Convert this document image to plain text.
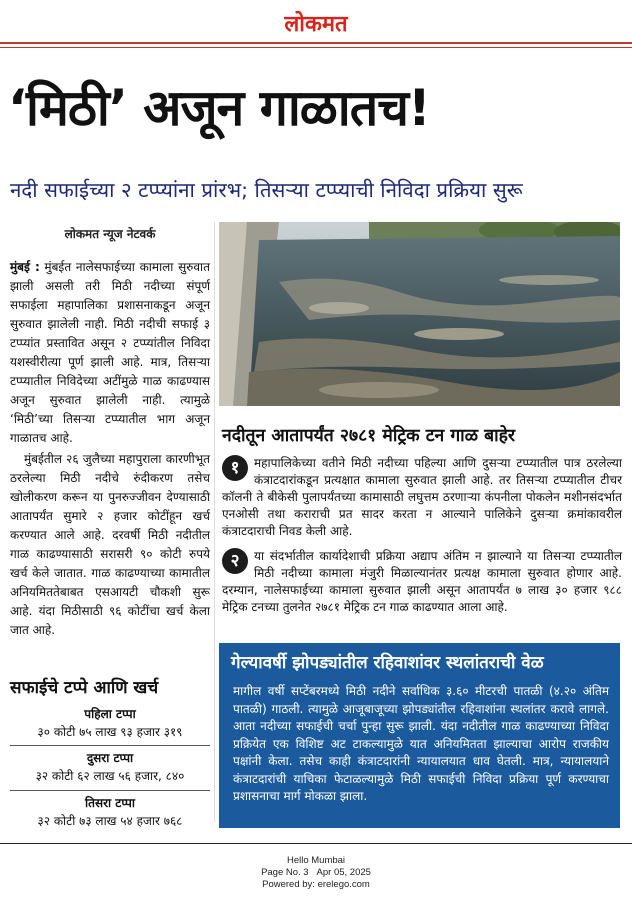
लोकमत
‘मिठी’ अजून गाळातच!
नदी सफाईच्या २ टप्प्यांना प्रांरभ; तिसऱ्या टप्प्याची निविदा प्रक्रिया सुरू
लोकमत न्यूज नेटवर्क

मुंबई : मुंबईत नालेसफाईच्या कामाला सुरुवात झाली असली तरी मिठी नदीच्या संपूर्ण सफाईला महापालिका प्रशासनाकडून अजून सुरुवात झालेली नाही. मिठी नदीची सफाई ३ टप्प्यांत प्रस्तावित असून २ टप्प्यांतील निविदा यशस्वीरीत्या पूर्ण झाली आहे. मात्र, तिसऱ्या टप्प्यातील निविदेच्या अटींमुळे गाळ काढण्यास अजून सुरुवात झालेली नाही. त्यामुळे ‘मिठी’च्या तिसऱ्या टप्प्यातील भाग अजून गाळातच आहे.

मुंबईतील २६ जुलैच्या महापुराला कारणीभूत ठरलेल्या मिठी नदीचे रुंदीकरण तसेच खोलीकरण करून या पुनरुज्जीवन देण्यासाठी आतापर्यंत सुमारे २ हजार कोटींहून खर्च करण्यात आले आहे. दरवर्षी मिठी नदीतील गाळ काढण्यासाठी सरासरी ९० कोटी रुपये खर्च केले जातात. गाळ काढण्याच्या कामातील अनियमिततेबाबत एसआयटी चौकशी सुरू आहे. यंदा मिठीसाठी ९६ कोटींचा खर्च केला जात आहे.

सफाईचे टप्पे आणि खर्च
पहिला टप्पा
३० कोटी ७५ लाख ९३ हजार ३१९
दुसरा टप्पा
३२ कोटी ६२ लाख ५६ हजार, ८४०
तिसरा टप्पा
३२ कोटी ७३ लाख ५४ हजार ७६८
नदीतून आतापर्यंत २७८१ मेट्रिक टन गाळ बाहेर
१	महापालिकेच्या वतीने मिठी नदीच्या पहिल्या आणि दुसऱ्या टप्प्यातील पात्र ठरलेल्या कंत्राटदारांकडून प्रत्यक्षात कामाला सुरुवात झाली आहे. तर तिसऱ्या टप्प्यातील टीचर कॉलनी ते बीकेसी पुलापर्यंतच्या कामासाठी लघुत्तम ठरणाऱ्या कंपनीला पोकलेन मशीनसंदर्भात एनओसी तथा कराराची प्रत सादर करता न आल्याने पालिकेने दुसऱ्या क्रमांकावरील कंत्राटदाराची निवड केली आहे.
२	या संदर्भातील कार्यादेशाची प्रक्रिया अद्याप अंतिम न झाल्याने या तिसऱ्या टप्प्यातील मिठी नदीच्या कामाला मंजुरी मिळाल्यानंतर प्रत्यक्ष कामाला सुरुवात होणार आहे. दरम्यान, नालेसफाईच्या कामाला सुरुवात झाली असून आतापर्यंत ७ लाख ३० हजार ९८८ मेट्रिक टनच्या तुलनेत २७८१ मेट्रिक टन गाळ काढण्यात आला आहे.
गेल्यावर्षी झोपड्यांतील रहिवाशांवर स्थलांतराची वेळ
मागील वर्षी सप्टेंबरमध्ये मिठी नदीने सर्वाधिक ३.६० मीटरची पातळी (४.२० अंतिम पातळी) गाठली. त्यामुळे आजूबाजूच्या झोपड्यांतील रहिवाशांना स्थलांतर करावे लागले. आता नदीच्या सफाईची चर्चा पुन्हा सुरू झाली. यंदा नदीतील गाळ काढण्याच्या निविदा प्रक्रियेत एक विशिष्ट अट टाकल्यामुळे यात अनियमितता झाल्याचा आरोप राजकीय पक्षांनी केला. तसेच काही कंत्राटदारांनी न्यायालयात धाव घेतली. मात्र, न्यायालयाने कंत्राटदारांची याचिका फेटाळल्यामुळे मिठी सफाईची निविदा प्रक्रिया पूर्ण करण्याचा प्रशासनाचा मार्ग मोकळा झाला.
Hello Mumbai
Page No. 3 Apr 05, 2025
Powered by: erelego.com
